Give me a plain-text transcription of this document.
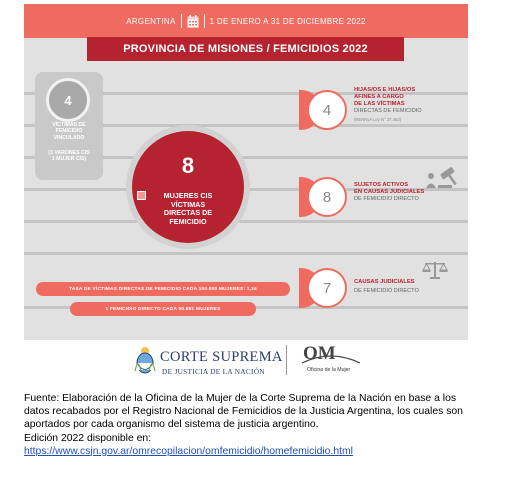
ARGENTINA	1 DE ENERO A 31 DE DICIEMBRE 2022
PROVINCIA DE MISIONES / FEMICIDIOS 2022
4
VÍCTIMAS DE
FEMICIDIO
VINCULADO
(3 VARONES CIS
1 MUJER CIS)	8
MUJERES CIS
VÍCTIMAS
DIRECTAS DE
FEMICIDIO
TASA DE VÍCTIMAS DIRECTAS DE FEMICIDIO CADA 100.000 MUJERES: 1,24
1 FEMICIDIO DIRECTO CADA 90.681 MUJERES
4
HIJAS/OS E HIJAS/OS
AFINES A CARGO
DE LAS VÍCTIMAS
DIRECTAS DE FEMICIDIO
(RENNyA Ley N° 27.452)
8
SUJETOS ACTIVOS
EN CAUSAS JUDICIALES
DE FEMICIDIO DIRECTO
7	CAUSAS JUDICIALES
DE FEMICIDIO DIRECTO
CORTE SUPREMA
DE JUSTICIA DE LA NACIÓN
OM
Oficina de la Mujer
Fuente: Elaboración de la Oficina de la Mujer de la Corte Suprema de la Nación en base a los
datos recabados por el Registro Nacional de Femicidios de la Justicia Argentina, los cuales son
aportados por cada organismo del sistema de justicia argentino.
Edición 2022 disponible en:
https://www.csjn.gov.ar/omrecopilacion/omfemicidio/homefemicidio.html
